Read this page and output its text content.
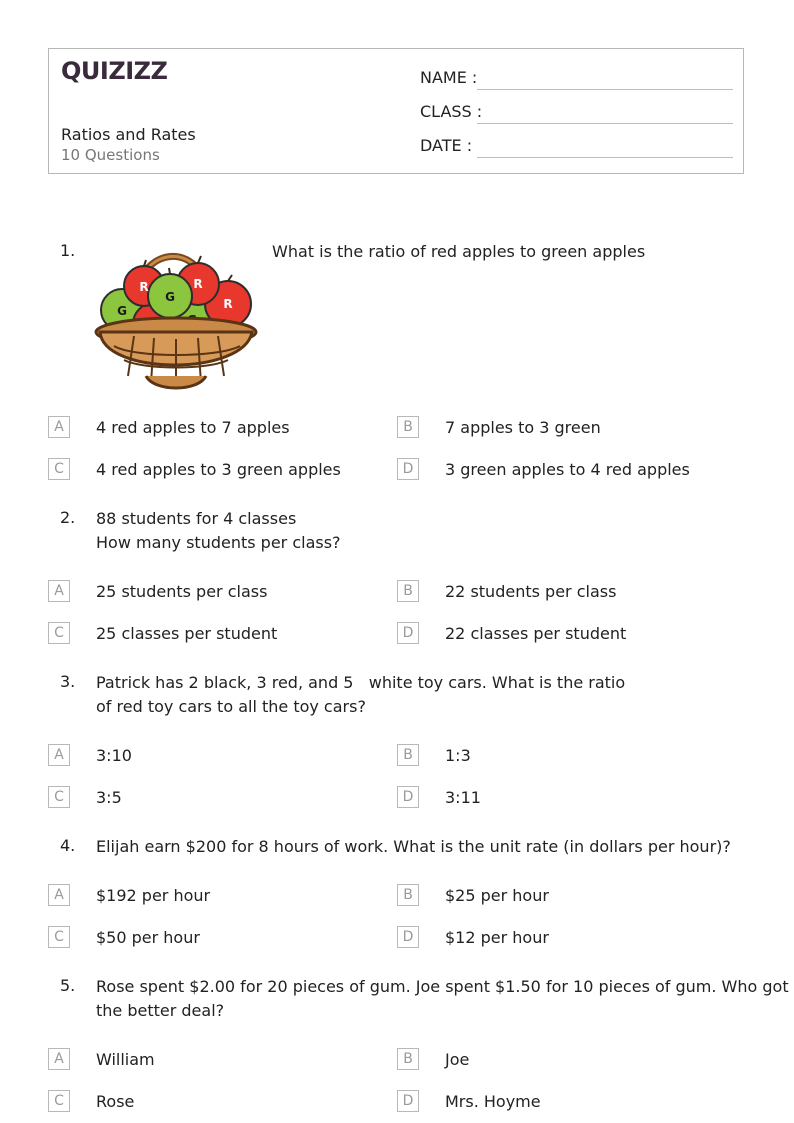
QUIZIZZ
Ratios and Rates
10 Questions
NAME :
CLASS :
DATE :
1.	What is the ratio of red apples to green apples
R
G
R
G	R
A	4 red apples to 7 apples	B	7 apples to 3 green
C	4 red apples to 3 green apples	D	3 green apples to 4 red apples
2. 88 students for 4 classes
How many students per class?
A	25 students per class	B	22 students per class
C	25 classes per student	D	22 classes per student
3. Patrick has 2 black, 3 red, and 5   white toy cars. What is the ratio
of red toy cars to all the toy cars?
A	3:10	B	1:3
C	3:5	D	3:11
4. Elijah earn $200 for 8 hours of work. What is the unit rate (in dollars per hour)?
A	$192 per hour	B	$25 per hour
C	$50 per hour	D	$12 per hour
5. Rose spent $2.00 for 20 pieces of gum. Joe spent $1.50 for 10 pieces of gum. Who got
the better deal?
A	William	B	Joe
C	Rose	D	Mrs. Hoyme
